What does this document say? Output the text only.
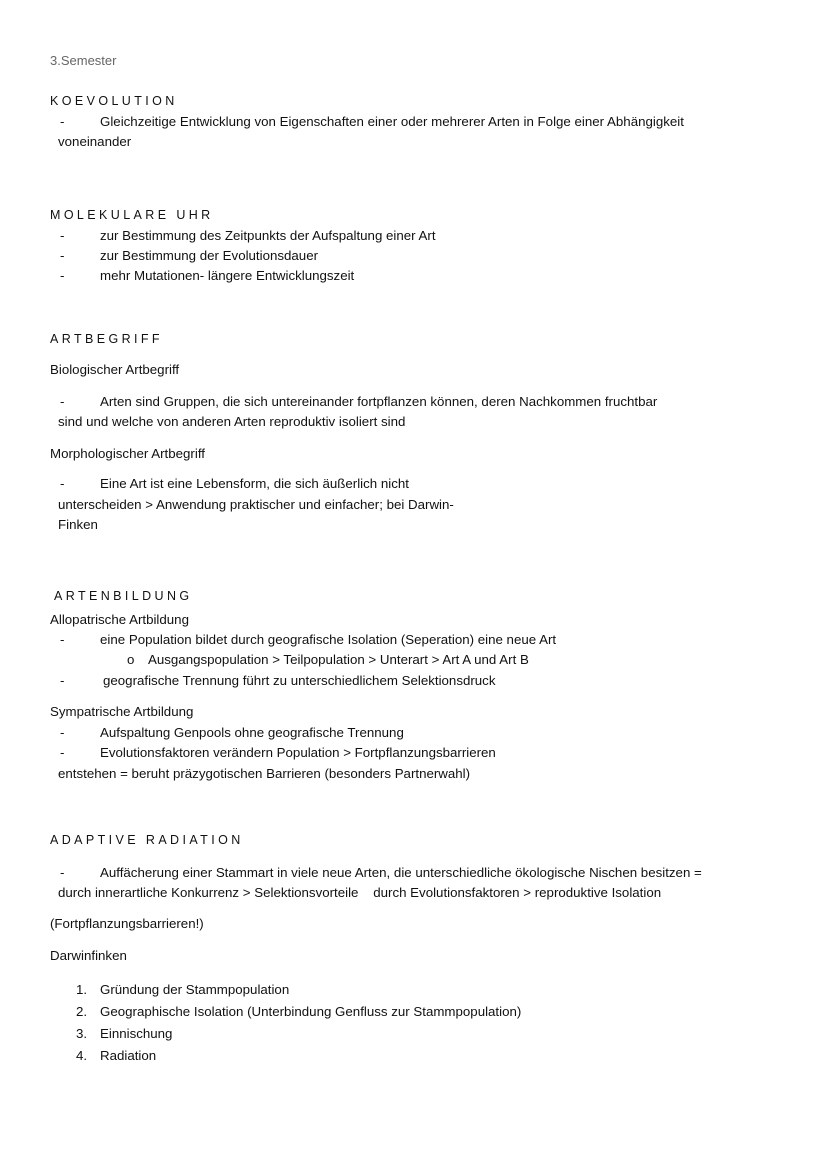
3.Semester
KOEVOLUTION
-	Gleichzeitige Entwicklung von Eigenschaften einer oder mehrerer Arten in Folge einer Abhängigkeit
voneinander
MOLEKULARE UHR
-	zur Bestimmung des Zeitpunkts der Aufspaltung einer Art
-	zur Bestimmung der Evolutionsdauer
-	mehr Mutationen- längere Entwicklungszeit
ARTBEGRIFF
Biologischer Artbegriff
-	Arten sind Gruppen, die sich untereinander fortpflanzen können, deren Nachkommen fruchtbar
sind und welche von anderen Arten reproduktiv isoliert sind
Morphologischer Artbegriff
-	Eine Art ist eine Lebensform, die sich äußerlich nicht
unterscheiden > Anwendung praktischer und einfacher; bei Darwin-
Finken
ARTENBILDUNG
Allopatrische Artbildung
-	eine Population bildet durch geografische Isolation (Seperation) eine neue Art
o Ausgangspopulation > Teilpopulation > Unterart > Art A und Art B
-	geografische Trennung führt zu unterschiedlichem Selektionsdruck
Sympatrische Artbildung
-	Aufspaltung Genpools ohne geografische Trennung
-	Evolutionsfaktoren verändern Population > Fortpflanzungsbarrieren
entstehen = beruht präzygotischen Barrieren (besonders Partnerwahl)
ADAPTIVE RADIATION
-	Auffächerung einer Stammart in viele neue Arten, die unterschiedliche ökologische Nischen besitzen =
durch innerartliche Konkurrenz > Selektionsvorteile    durch Evolutionsfaktoren > reproduktive Isolation
(Fortpflanzungsbarrieren!)
Darwinfinken
1. Gründung der Stammpopulation
2. Geographische Isolation (Unterbindung Genfluss zur Stammpopulation)
3. Einnischung
4. Radiation
